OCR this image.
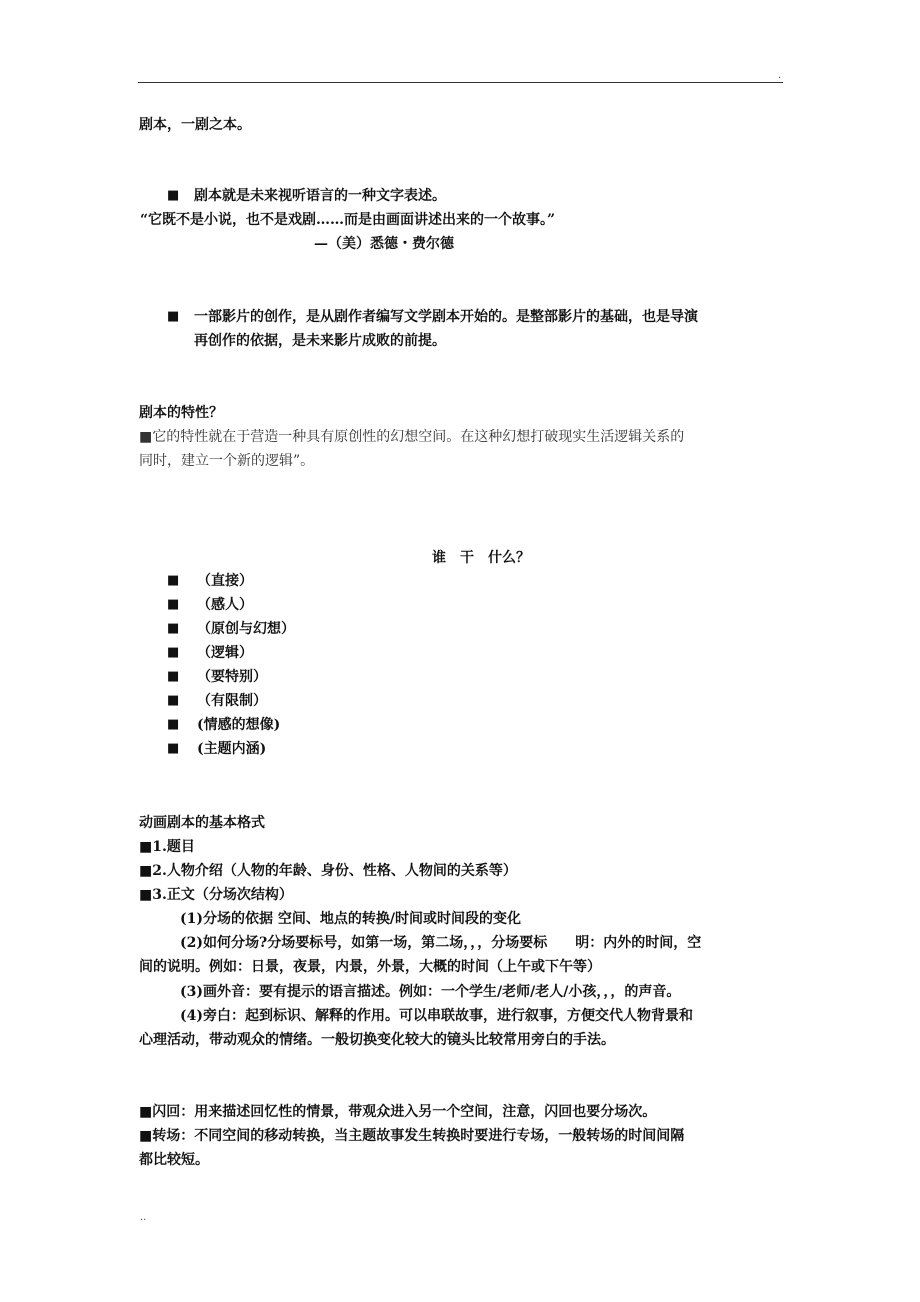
.
剧本，一剧之本。
■ 剧本就是未来视听语言的一种文字表述。
“它既不是小说，也不是戏剧……而是由画面讲述出来的一个故事。”
—（美）悉德・费尔德
■ 一部影片的创作，是从剧作者编写文学剧本开始的。是整部影片的基础，也是导演
再创作的依据，是未来影片成败的前提。
剧本的特性？
■它的特性就在于营造一种具有原创性的幻想空间。在这种幻想打破现实生活逻辑关系的
同时，建立一个新的逻辑”。
谁　干　什么？
■ （直接）
■ （感人）
■ （原创与幻想）
■ （逻辑）
■ （要特别）
■ （有限制）
■ (情感的想像)
■ (主题内涵)
动画剧本的基本格式
■1.题目
■2.人物介绍（人物的年龄、身份、性格、人物间的关系等）
■3.正文（分场次结构）
(1)分场的依据 空间、地点的转换/时间或时间段的变化
(2)如何分场?分场要标号，如第一场，第二场，，，分场要标　　明：内外的时间，空
间的说明。例如：日景，夜景，内景，外景，大概的时间（上午或下午等）
(3)画外音：要有提示的语言描述。例如：一个学生/老师/老人/小孩，，，的声音。
(4)旁白：起到标识、解释的作用。可以串联故事，进行叙事，方便交代人物背景和
心理活动，带动观众的情绪。一般切换变化较大的镜头比较常用旁白的手法。
■闪回：用来描述回忆性的情景，带观众进入另一个空间，注意，闪回也要分场次。
■转场：不同空间的移动转换，当主题故事发生转换时要进行专场，一般转场的时间间隔
都比较短。
..
